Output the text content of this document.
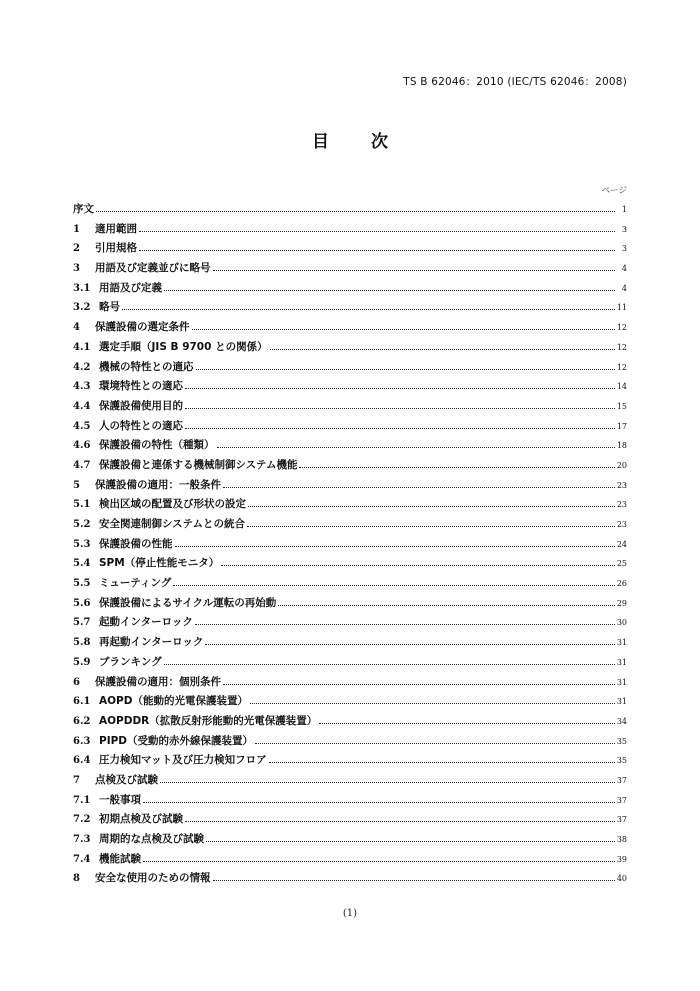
TS B 62046：2010 (IEC/TS 62046：2008)
目 次
ページ
序文	1
1	適用範囲	3
2	引用規格	3
3	用語及び定義並びに略号	4
3.1 用語及び定義	4
3.2 略号	11
4	保護設備の選定条件	12
4.1 選定手順（JIS B 9700 との関係）	12
4.2 機械の特性との適応	12
4.3 環境特性との適応	14
4.4 保護設備使用目的	15
4.5 人の特性との適応	17
4.6 保護設備の特性（種類）	18
4.7 保護設備と連係する機械制御システム機能	20
5	保護設備の適用：一般条件	23
5.1 検出区域の配置及び形状の設定	23
5.2 安全関連制御システムとの統合	23
5.3 保護設備の性能	24
5.4 SPM（停止性能モニタ）	25
5.5 ミューティング	26
5.6 保護設備によるサイクル運転の再始動	29
5.7 起動インターロック	30
5.8 再起動インターロック	31
5.9 ブランキング	31
6	保護設備の適用：個別条件	31
6.1 AOPD（能動的光電保護装置）	31
6.2 AOPDDR（拡散反射形能動的光電保護装置）	34
6.3 PIPD（受動的赤外線保護装置）	35
6.4 圧力検知マット及び圧力検知フロア	35
7	点検及び試験	37
7.1 一般事項	37
7.2 初期点検及び試験	37
7.3 周期的な点検及び試験	38
7.4 機能試験	39
8	安全な使用のための情報	40
(1)
